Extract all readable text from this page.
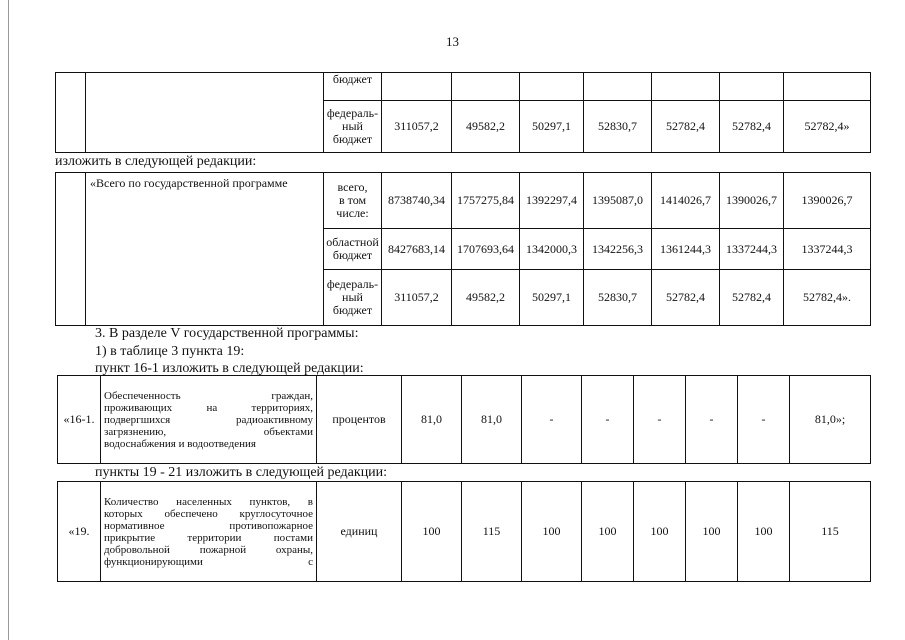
13
		бюджет							
		федераль-
ный
бюджет	311057,2	49582,2	50297,1	52830,7	52782,4	52782,4	52782,4»
изложить в следующей редакции:
	«Всего по государственной программе	всего,
в том
числе:	8738740,34	1757275,84	1392297,4	1395087,0	1414026,7	1390026,7	1390026,7
		областной
бюджет	8427683,14	1707693,64	1342000,3	1342256,3	1361244,3	1337244,3	1337244,3
		федераль-
ный
бюджет	311057,2	49582,2	50297,1	52830,7	52782,4	52782,4	52782,4».
3. В разделе V государственной программы:
1) в таблице 3 пункта 19:
пункт 16-1 изложить в следующей редакции:
«16-1.	
Обеспеченность граждан,
проживающих на территориях,
подвергшихся радиоактивному
загрязнению, объектами
водоснабжения и водоотведения
	процентов	81,0	81,0	-	-	-	-	-	81,0»;
пункты 19 - 21 изложить в следующей редакции:
«19.	
Количество населенных пунктов, в
которых обеспечено круглосуточное
нормативное противопожарное
прикрытие территории постами
добровольной пожарной охраны,
функционирующими с
	единиц	100	115	100	100	100	100	100	115
